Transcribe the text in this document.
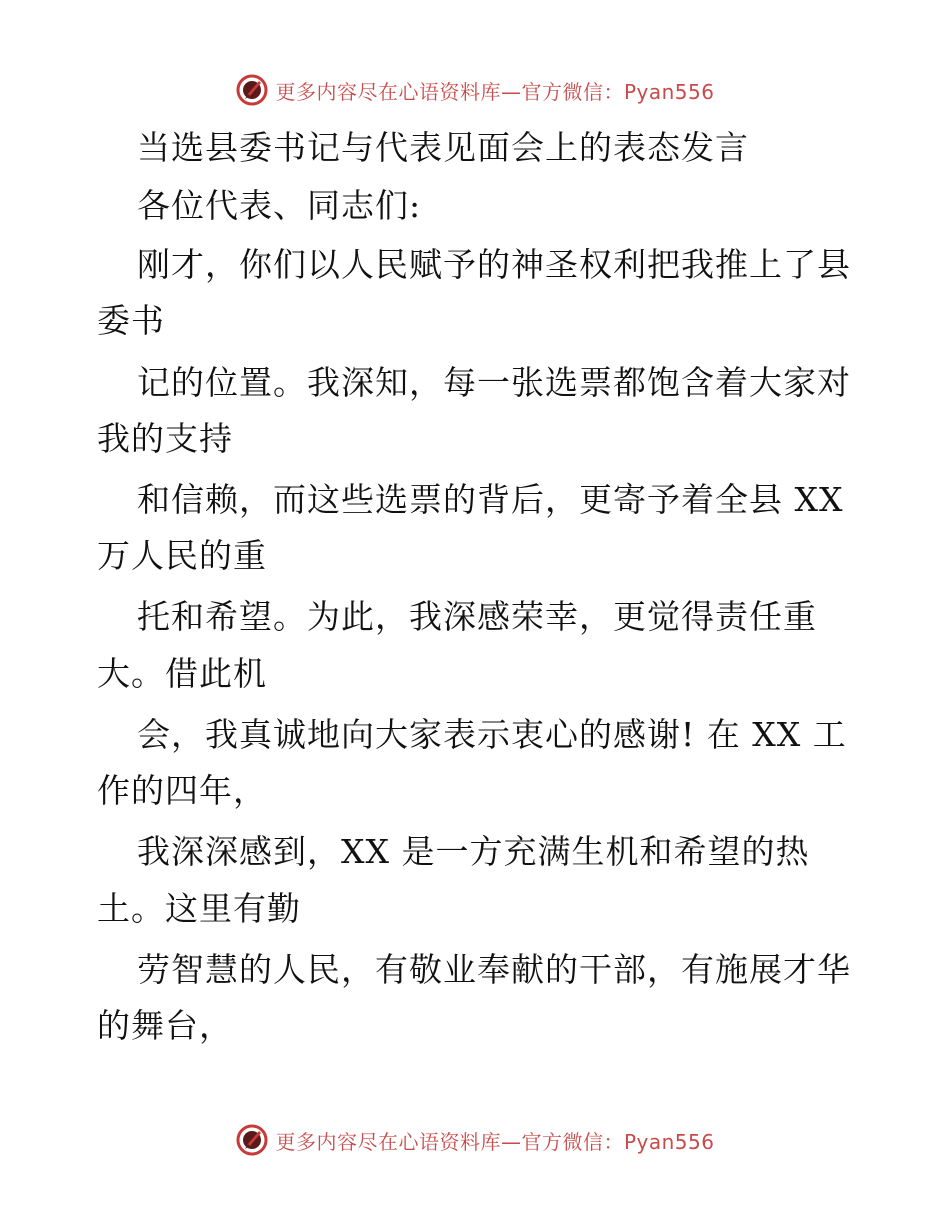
更多内容尽在心语资料库—官方微信：Pyan556
当选县委书记与代表见面会上的表态发言
各位代表、同志们:
刚才，你们以人民赋予的神圣权利把我推上了县
委书
记的位置。我深知，每一张选票都饱含着大家对
我的支持
和信赖，而这些选票的背后，更寄予着全县 XX
万人民的重
托和希望。为此，我深感荣幸，更觉得责任重
大。借此机
会，我真诚地向大家表示衷心的感谢! 在 XX 工
作的四年，
我深深感到，XX 是一方充满生机和希望的热
土。这里有勤
劳智慧的人民，有敬业奉献的干部，有施展才华
的舞台，
更多内容尽在心语资料库—官方微信：Pyan556
